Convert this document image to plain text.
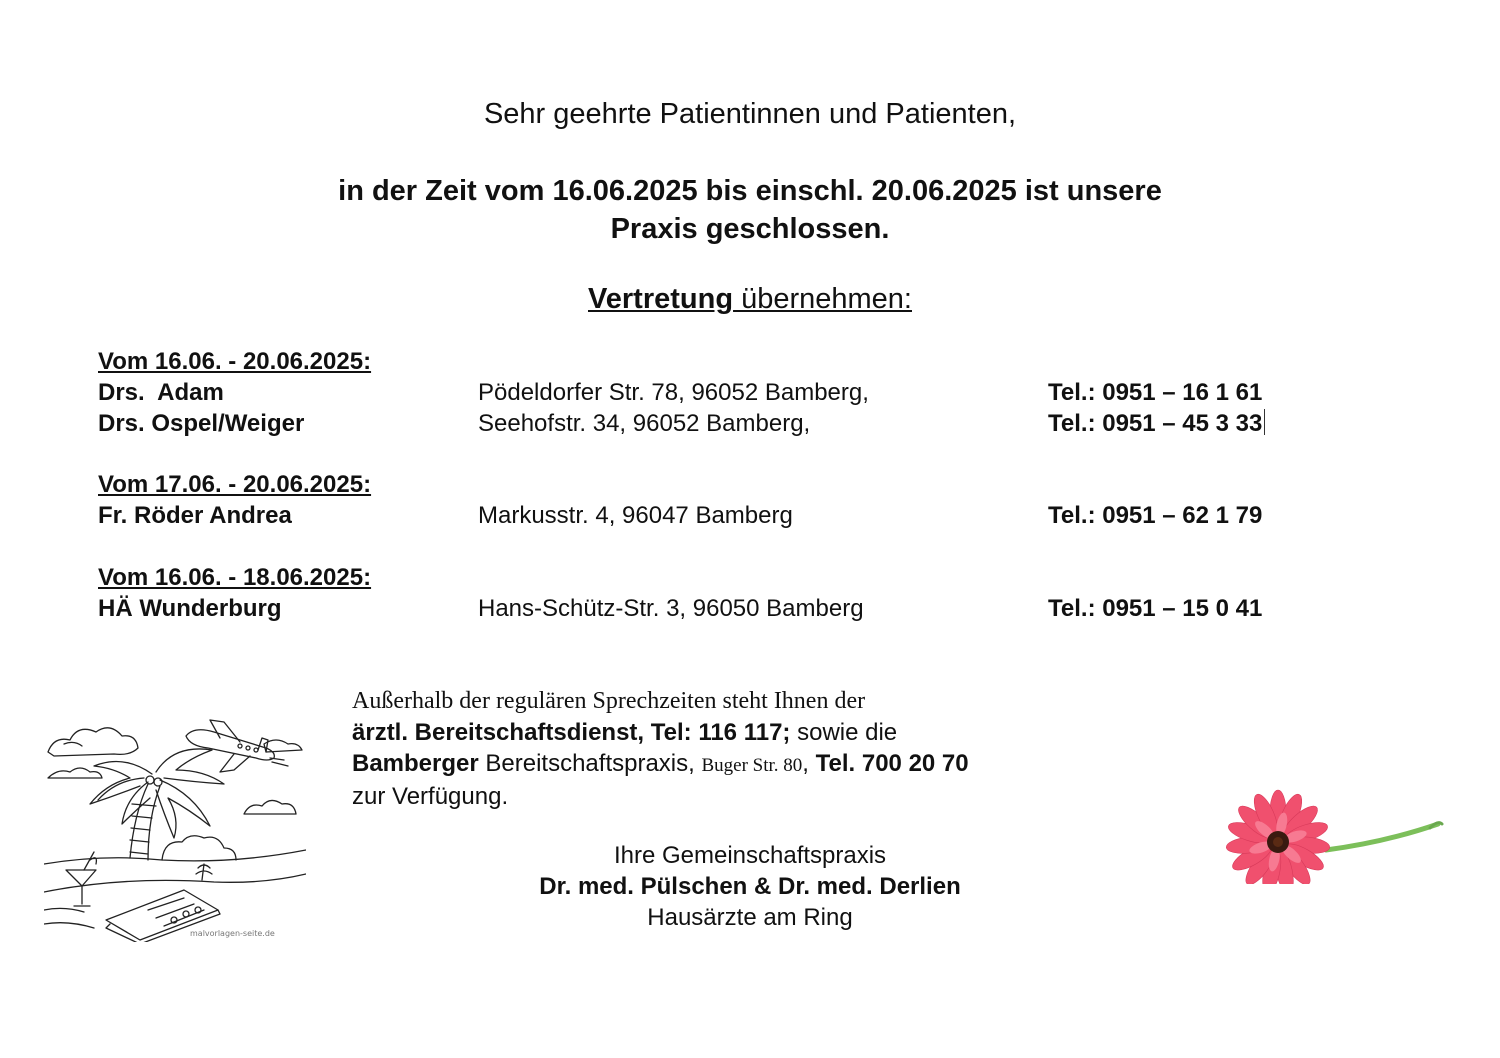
Sehr geehrte Patientinnen und Patienten,
in der Zeit vom 16.06.2025 bis einschl. 20.06.2025 ist unsere
Praxis geschlossen.
Vertretung übernehmen:
Vom 16.06. - 20.06.2025:
Drs.  Adam	Pödeldorfer Str. 78, 96052 Bamberg,	Tel.: 0951 – 16 1 61
Drs. Ospel/Weiger	Seehofstr. 34, 96052 Bamberg,	Tel.: 0951 – 45 3 33
Vom 17.06. - 20.06.2025:
Fr. Röder Andrea	Markusstr. 4, 96047 Bamberg	Tel.: 0951 – 62 1 79
Vom 16.06. - 18.06.2025:
HÄ Wunderburg	Hans-Schütz-Str. 3, 96050 Bamberg	Tel.: 0951 – 15 0 41
malvorlagen-seite.de
Außerhalb der regulären Sprechzeiten steht Ihnen der
ärztl. Bereitschaftsdienst, Tel: 116 117; sowie die
Bamberger Bereitschaftspraxis, Buger Str. 80, Tel. 700 20 70
zur Verfügung.
Ihre Gemeinschaftspraxis
Dr. med. Pülschen & Dr. med. Derlien
Hausärzte am Ring
